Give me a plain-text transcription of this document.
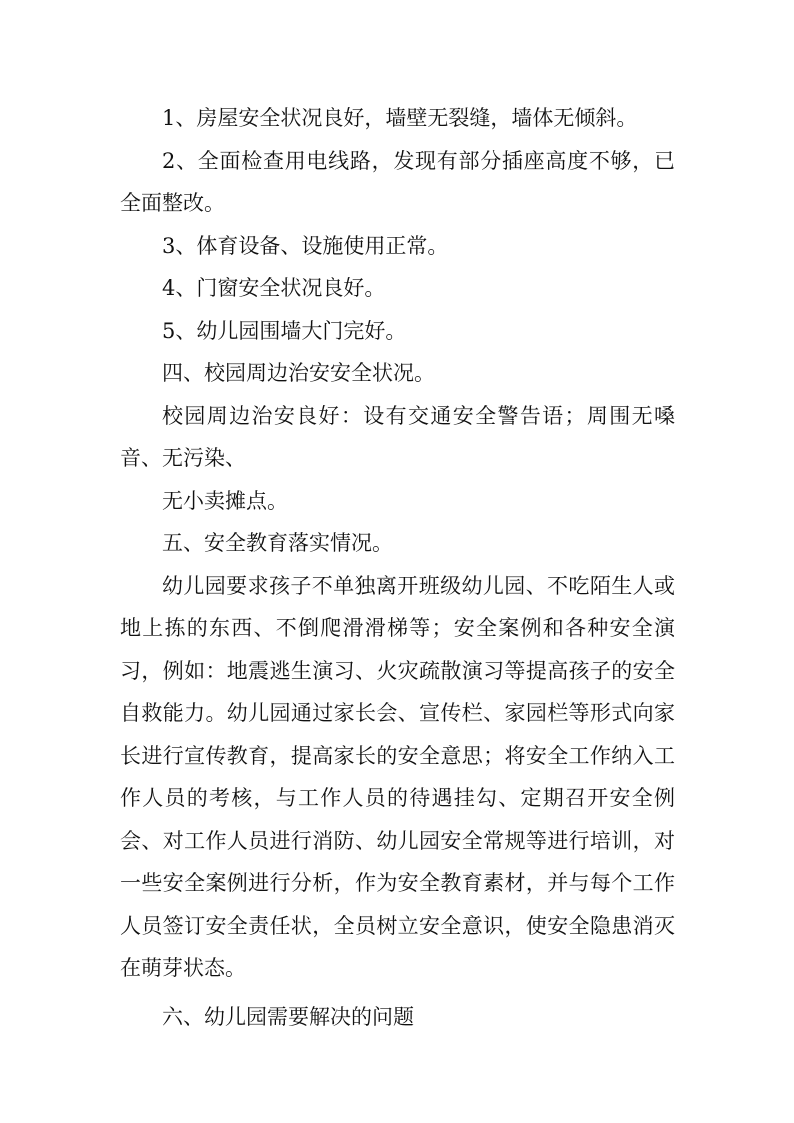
1、房屋安全状况良好，墙壁无裂缝，墙体无倾斜。

2、全面检查用电线路，发现有部分插座高度不够，已全面整改。

3、体育设备、设施使用正常。

4、门窗安全状况良好。

5、幼儿园围墙大门完好。

四、校园周边治安安全状况。

校园周边治安良好：设有交通安全警告语；周围无嗓音、无污染、

无小卖摊点。

五、安全教育落实情况。

幼儿园要求孩子不单独离开班级幼儿园、不吃陌生人或地上拣的东西、不倒爬滑滑梯等；安全案例和各种安全演习，例如：地震逃生演习、火灾疏散演习等提高孩子的安全自救能力。幼儿园通过家长会、宣传栏、家园栏等形式向家长进行宣传教育，提高家长的安全意思；将安全工作纳入工作人员的考核，与工作人员的待遇挂勾、定期召开安全例会、对工作人员进行消防、幼儿园安全常规等进行培训，对一些安全案例进行分析，作为安全教育素材，并与每个工作人员签订安全责任状，全员树立安全意识，使安全隐患消灭在萌芽状态。

六、幼儿园需要解决的问题
